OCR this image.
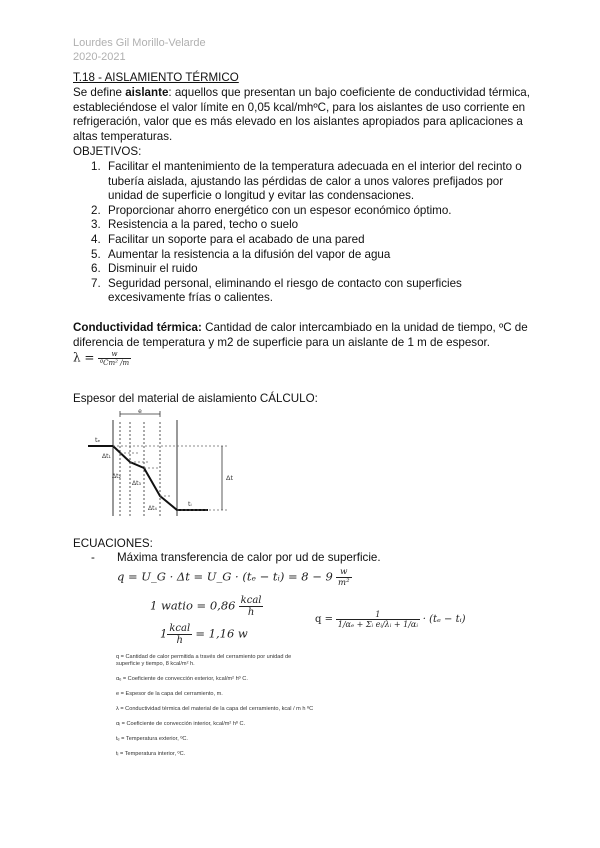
Lourdes Gil Morillo-Velarde
2020-2021
T.18 - AISLAMIENTO TÉRMICO

Se define aislante: aquellos que presentan un bajo coeficiente de conductividad térmica, estableciéndose el valor límite en 0,05 kcal/mhºC, para los aislantes de uso corriente en refrigeración, valor que es más elevado en los aislantes apropiados para aplicaciones a altas temperaturas.

OBJETIVOS:
1. Facilitar el mantenimiento de la temperatura adecuada en el interior del recinto o tubería aislada, ajustando las pérdidas de calor a unos valores prefijados por unidad de superficie o longitud y evitar las condensaciones.
2. Proporcionar ahorro energético con un espesor económico óptimo.
3. Resistencia a la pared, techo o suelo
4. Facilitar un soporte para el acabado de una pared
5. Aumentar la resistencia a la difusión del vapor de agua
6. Disminuir el ruido
7. Seguridad personal, eliminando el riesgo de contacto con superficies excesivamente frías o calientes.

Conductividad térmica: Cantidad de calor intercambiado en la unidad de tiempo, ºC de diferencia de temperatura y m2 de superficie para un aislante de 1 m de espesor.

$\lambda = \frac{w}{\text{ºCm² /m}}$
Espesor del material de aislamiento CÁLCULO:
e
tₑ
tᵢ
Δt₁
Δt₂
Δt₃
Δt₄
Δt
ECUACIONES:
- Máxima transferencia de calor por ud de superficie.
q = U_G · Δt = U_G · (tₑ − tᵢ) = $8 - 9 \frac{w}{\text{m²}}$
1 watio = $0,86 \frac{\text{kcal}}{h}$
$1 \frac{\text{kcal}}{h} = 1,16$ w
$q = \frac{1}{\text{1/αₑ + Σᵢ eᵢ/λᵢ + 1/αᵢ}} \cdot (t_e$ − tᵢ)
q = Cantidad de calor permitida a través del cerramiento por unidad de
superficie y tiempo, 8 kcal/m² h.
αₑ = Coeficiente de convección exterior, kcal/m² hº C.
e = Espesor de la capa del cerramiento, m.
λ = Conductividad térmica del material de la capa del cerramiento, kcal / m h ºC
αᵢ = Coeficiente de convección interior, kcal/m² hº C.
tₑ = Temperatura exterior, ºC.
tᵢ = Temperatura interior, ºC.
